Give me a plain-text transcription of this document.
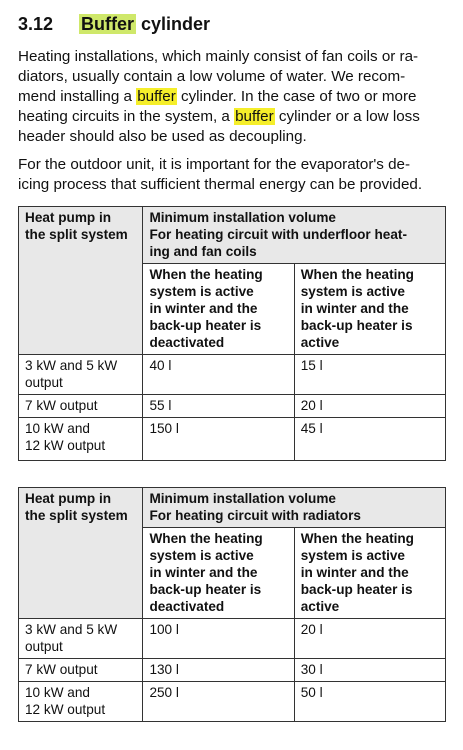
3.12 Buffer cylinder

Heating installations, which mainly consist of fan coils or ra-
diators, usually contain a low volume of water. We recom-
mend installing a buffer cylinder. In the case of two or more
heating circuits in the system, a buffer cylinder or a low loss
header should also be used as decoupling.

For the outdoor unit, it is important for the evaporator's de-
icing process that sufficient thermal energy can be provided.

Heat pump in
the split system	Minimum installation volume
For heating circuit with underfloor heat-
ing and fan coils	

	When the heating
system is active
in winter and the
back-up heater is
deactivated	When the heating
system is active
in winter and the
back-up heater is
active

3 kW and 5 kW
output	40 l	15 l
7 kW output	55 l	20 l

10 kW and
12 kW output	150 l	45 l
Heat pump in
the split system	Minimum installation volume
For heating circuit with radiators	

	When the heating
system is active
in winter and the
back-up heater is
deactivated	When the heating
system is active
in winter and the
back-up heater is
active

3 kW and 5 kW
output	100 l	20 l
7 kW output	130 l	30 l

10 kW and
12 kW output	250 l	50 l
